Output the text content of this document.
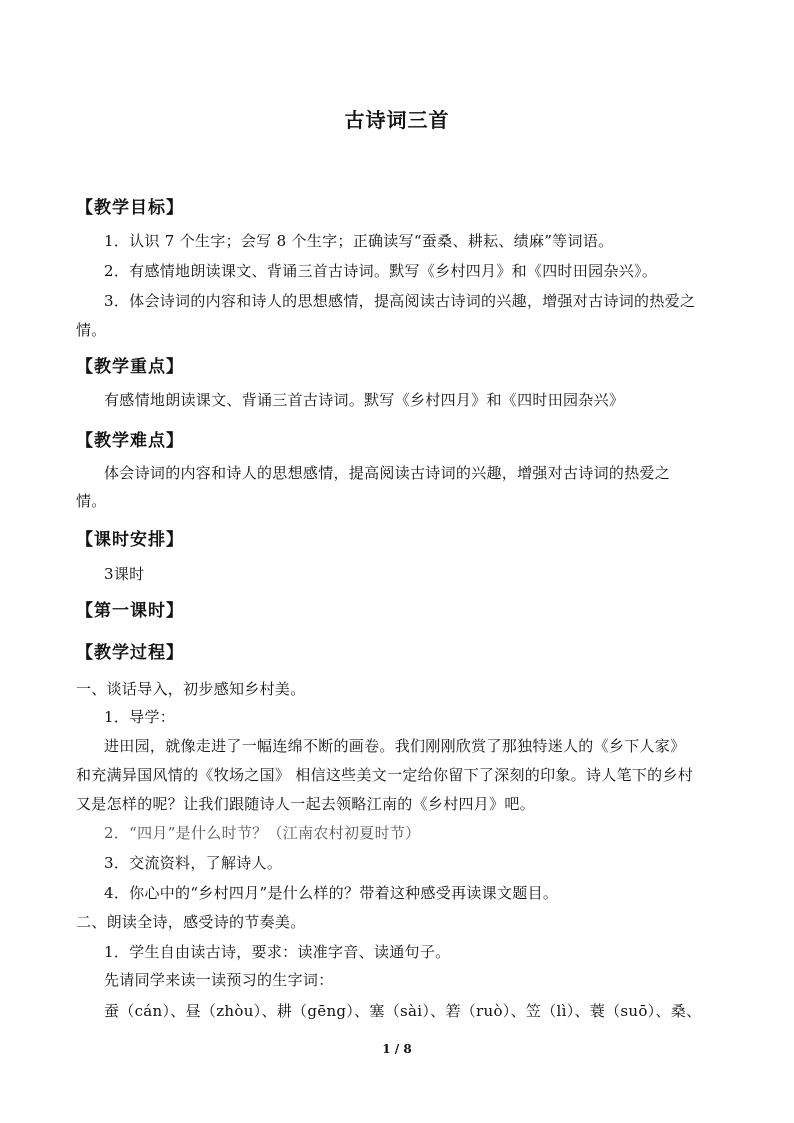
古诗词三首
【教学目标】
1．认识 7 个生字；会写 8 个生字；正确读写“蚕桑、耕耘、绩麻”等词语。
2．有感情地朗读课文、背诵三首古诗词。默写《乡村四月》和《四时田园杂兴》。
3．体会诗词的内容和诗人的思想感情，提高阅读古诗词的兴趣，增强对古诗词的热爱之
情。
【教学重点】
有感情地朗读课文、背诵三首古诗词。默写《乡村四月》和《四时田园杂兴》
【教学难点】
体会诗词的内容和诗人的思想感情，提高阅读古诗词的兴趣，增强对古诗词的热爱之
情。
【课时安排】
3课时
【第一课时】
【教学过程】
一、谈话导入，初步感知乡村美。
1．导学：
进田园，就像走进了一幅连绵不断的画卷。我们刚刚欣赏了那独特迷人的《乡下人家》
和充满异国风情的《牧场之国》 相信这些美文一定给你留下了深刻的印象。诗人笔下的乡村
又是怎样的呢？让我们跟随诗人一起去领略江南的《乡村四月》吧。
2．“四月”是什么时节？（江南农村初夏时节）
3．交流资料，了解诗人。
4．你心中的“乡村四月”是什么样的？带着这种感受再读课文题目。
二、朗读全诗，感受诗的节奏美。
1．学生自由读古诗，要求：读准字音、读通句子。
先请同学来读一读预习的生字词：
蚕（cán）、昼（zhòu）、耕（gēng）、塞（sài）、箬（ruò）、笠（lì）、蓑（suō）、桑、
1 / 8
